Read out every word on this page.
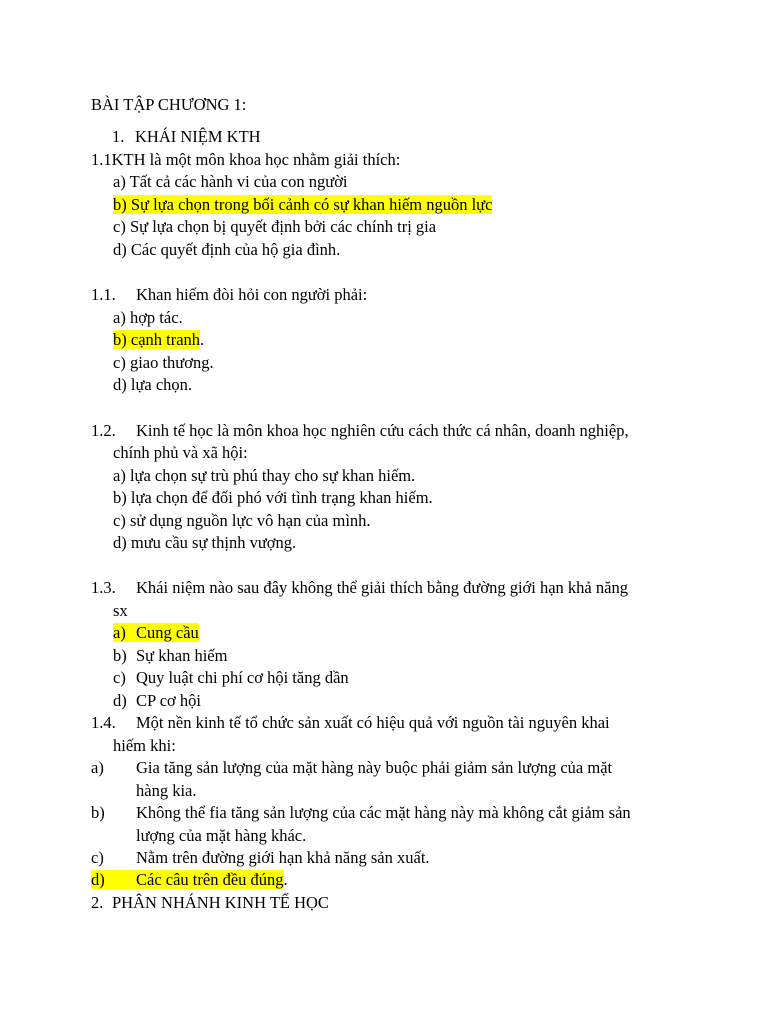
BÀI TẬP CHƯƠNG 1:
1. KHÁI NIỆM KTH
1.1KTH là một môn khoa học nhằm giải thích:
a) Tất cả các hành vi của con người
b) Sự lựa chọn trong bối cảnh có sự khan hiếm nguồn lực
c) Sự lựa chọn bị quyết định bởi các chính trị gia
d) Các quyết định của hộ gia đình.
1.1. Khan hiếm đòi hỏi con người phải:
a) hợp tác.
b) cạnh tranh.
c) giao thương.
d) lựa chọn.
1.2. Kinh tế học là môn khoa học nghiên cứu cách thức cá nhân, doanh nghiệp,
chính phủ và xã hội:
a) lựa chọn sự trù phú thay cho sự khan hiếm.
b) lựa chọn để đối phó với tình trạng khan hiếm.
c) sử dụng nguồn lực vô hạn của mình.
d) mưu cầu sự thịnh vượng.
1.3. Khái niệm nào sau đây không thể giải thích bằng đường giới hạn khả năng
sx
a) Cung cầu
b) Sự khan hiếm
c) Quy luật chi phí cơ hội tăng dần
d) CP cơ hội
1.4. Một nền kinh tế tổ chức sản xuất có hiệu quả với nguồn tài nguyên khai
hiếm khi:
a) Gia tăng sản lượng của mặt hàng này buộc phải giảm sản lượng của mặt
hàng kia.
b) Không thể fia tăng sản lượng của các mặt hàng này mà không cắt giảm sản
lượng của mặt hàng khác.
c) Nằm trên đường giới hạn khả năng sản xuất.
d) Các câu trên đều đúng.
2. PHÂN NHÁNH KINH TẾ HỌC
